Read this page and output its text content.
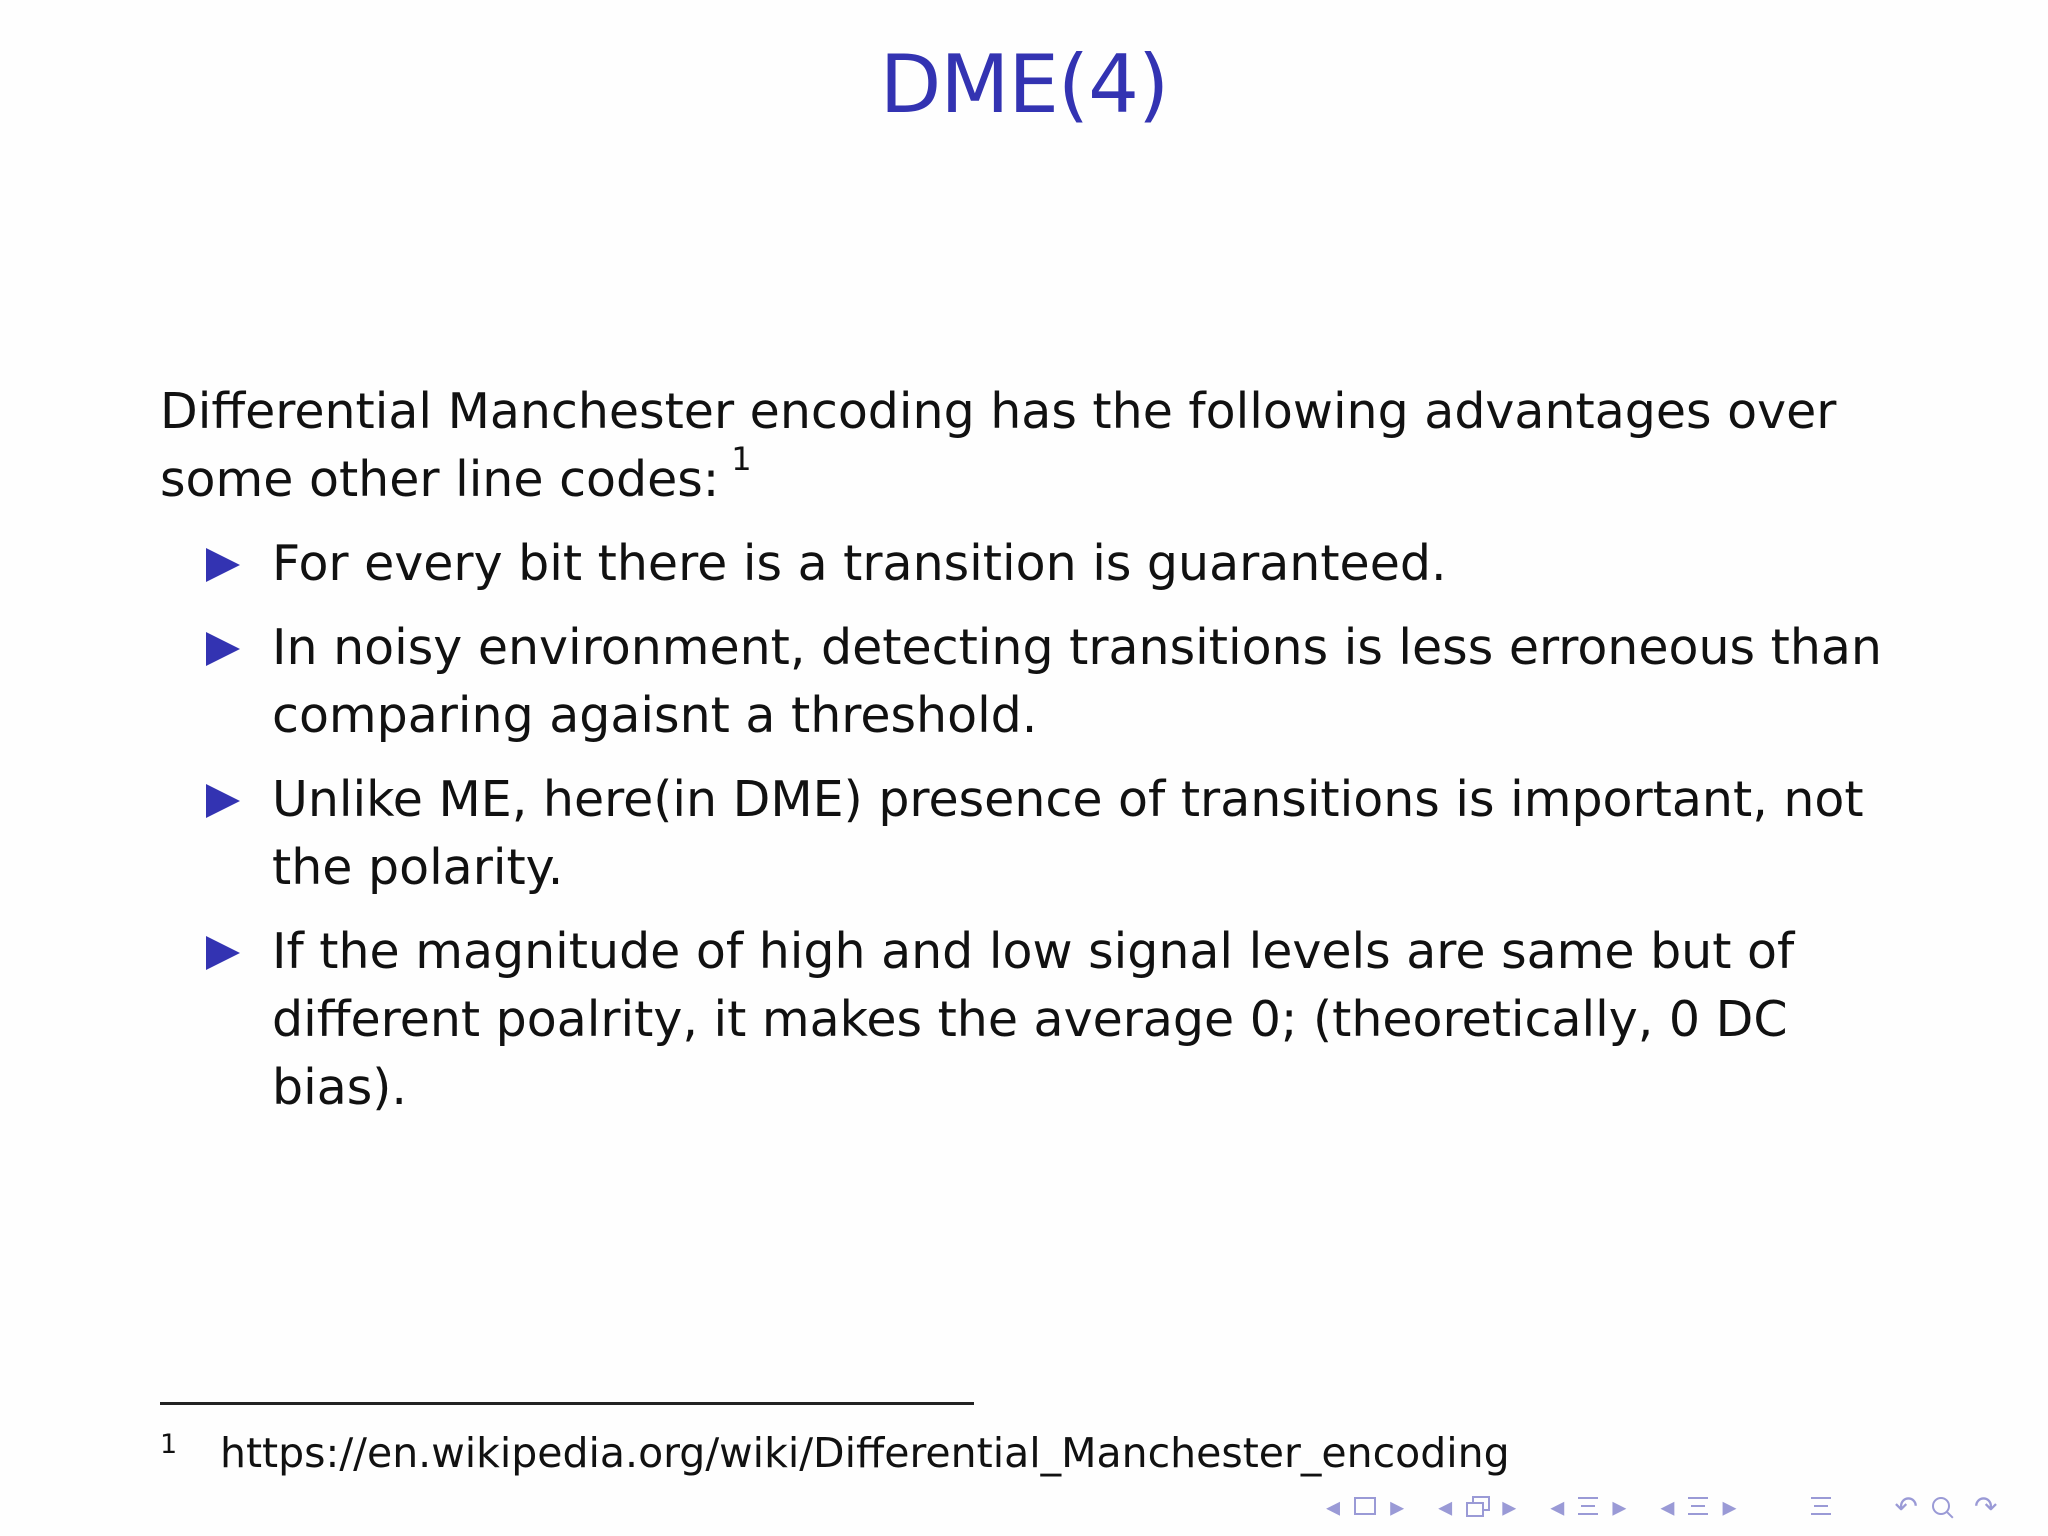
DME(4)
Differential Manchester encoding has the following advantages over some other line codes: $^1$
For every bit there is a transition is guaranteed.
In noisy environment, detecting transitions is less erroneous than comparing agaisnt a threshold.
Unlike ME, here(in DME) presence of transitions is important, not the polarity.
If the magnitude of high and low signal levels are same but of different poalrity, it makes the average 0; (theoretically, 0 DC bias).
1 https://en.wikipedia.org/wiki/Differential_Manchester_encoding
◂ ▸ ◂ ▸ ◂ ▸ ◂ ▸	↶ ↷
